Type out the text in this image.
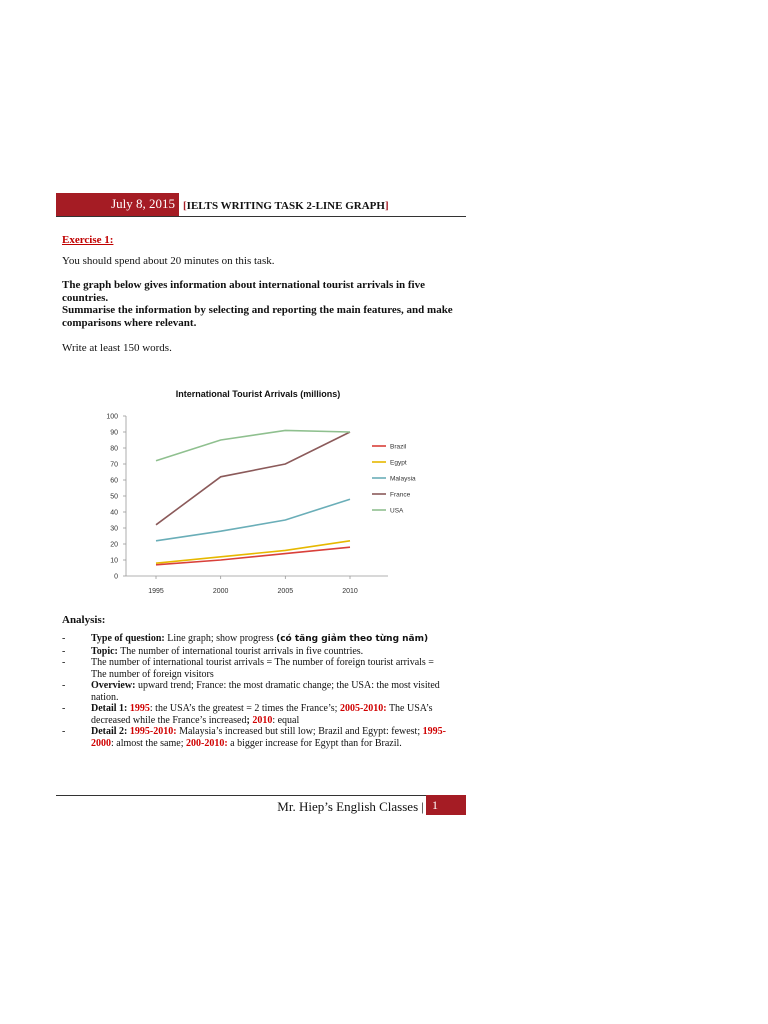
July 8, 2015 [IELTS WRITING TASK 2-LINE GRAPH]
Exercise 1:
You should spend about 20 minutes on this task.
The graph below gives information about international tourist arrivals in five countries.
Summarise the information by selecting and reporting the main features, and make comparisons where relevant.
Write at least 150 words.
International Tourist Arrivals (millions)
0
10
20
30
40
50
60
70
80
90
100
1995	2000	2005	2010
Brazil
Egypt
Malaysia
France
USA
Analysis:
-	Type of question: Line graph; show progress (có tăng giảm theo từng năm)
-	Topic: The number of international tourist arrivals in five countries.
-	The number of international tourist arrivals = The number of foreign tourist arrivals =
The number of foreign visitors
-	Overview: upward trend; France: the most dramatic change; the USA: the most visited
nation.
-	Detail 1: 1995: the USA’s the greatest = 2 times the France’s; 2005-2010: The USA’s
decreased while the France’s increased; 2010: equal
-	Detail 2: 1995-2010: Malaysia’s increased but still low; Brazil and Egypt: fewest; 1995-
2000: almost the same; 200-2010: a bigger increase for Egypt than for Brazil.
Mr. Hiep’s English Classes | 1
